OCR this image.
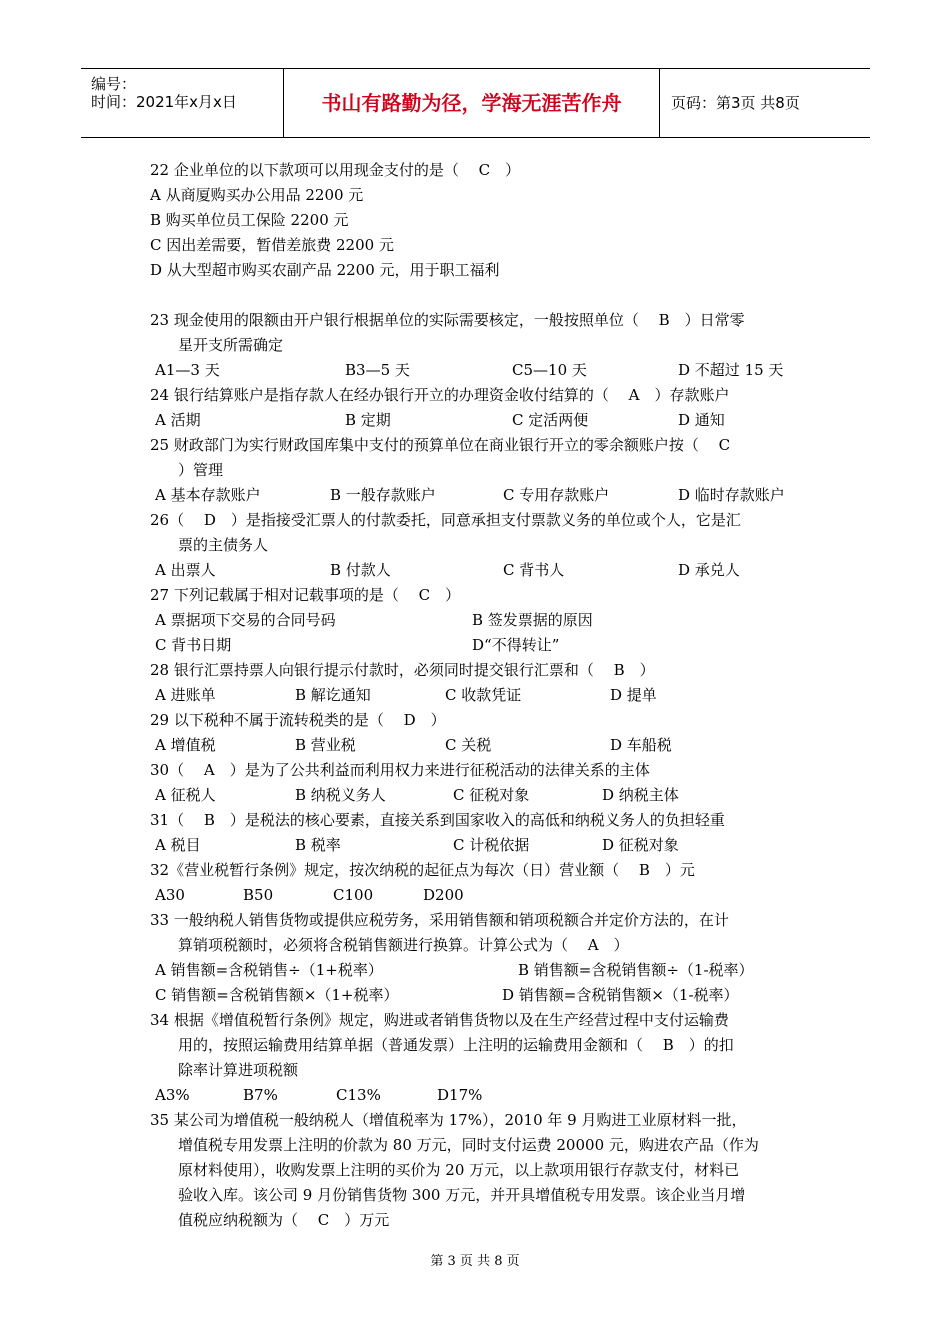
编号：
时间：2021年x月x日	书山有路勤为径，学海无涯苦作舟	页码：第3页 共8页
22 企业单位的以下款项可以用现金支付的是（　 C　）
A 从商厦购买办公用品 2200 元
B 购买单位员工保险 2200 元
C 因出差需要，暂借差旅费 2200 元
D 从大型超市购买农副产品 2200 元，用于职工福利
23 现金使用的限额由开户银行根据单位的实际需要核定，一般按照单位（　 B　）日常零
星开支所需确定
A1—3 天	B3—5 天	C5—10 天	D 不超过 15 天
24 银行结算账户是指存款人在经办银行开立的办理资金收付结算的（　 A　）存款账户
A 活期	B 定期	C 定活两便	D 通知
25 财政部门为实行财政国库集中支付的预算单位在商业银行开立的零余额账户按（　 C
）管理
A 基本存款账户	B 一般存款账户	C 专用存款账户	D 临时存款账户
26（　 D　）是指接受汇票人的付款委托，同意承担支付票款义务的单位或个人，它是汇
票的主债务人
A 出票人	B 付款人	C 背书人	D 承兑人
27 下列记载属于相对记载事项的是（　 C　）
A 票据项下交易的合同号码	B 签发票据的原因
C 背书日期	D“不得转让”
28 银行汇票持票人向银行提示付款时，必须同时提交银行汇票和（　 B　）
A 进账单	B 解讫通知	C 收款凭证	D 提单
29 以下税种不属于流转税类的是（　 D　）
A 增值税	B 营业税	C 关税	D 车船税
30（　 A　）是为了公共利益而利用权力来进行征税活动的法律关系的主体
A 征税人	B 纳税义务人	C 征税对象	D 纳税主体
31（　 B　）是税法的核心要素，直接关系到国家收入的高低和纳税义务人的负担轻重
A 税目	B 税率	C 计税依据	D 征税对象
32《营业税暂行条例》规定，按次纳税的起征点为每次（日）营业额（　 B　）元
A30	B50	C100	D200
33 一般纳税人销售货物或提供应税劳务，采用销售额和销项税额合并定价方法的，在计
算销项税额时，必须将含税销售额进行换算。计算公式为（　 A　）
A 销售额=含税销售÷（1+税率）	B 销售额=含税销售额÷（1-税率）
C 销售额=含税销售额×（1+税率）	D 销售额=含税销售额×（1-税率）
34 根据《增值税暂行条例》规定，购进或者销售货物以及在生产经营过程中支付运输费
用的，按照运输费用结算单据（普通发票）上注明的运输费用金额和（　 B　）的扣
除率计算进项税额
A3%	B7%	C13%	D17%
35 某公司为增值税一般纳税人（增值税率为 17%），2010 年 9 月购进工业原材料一批，
增值税专用发票上注明的价款为 80 万元，同时支付运费 20000 元，购进农产品（作为
原材料使用），收购发票上注明的买价为 20 万元，以上款项用银行存款支付，材料已
验收入库。该公司 9 月份销售货物 300 万元，并开具增值税专用发票。该企业当月增
值税应纳税额为（　 C　）万元
第 3 页 共 8 页
